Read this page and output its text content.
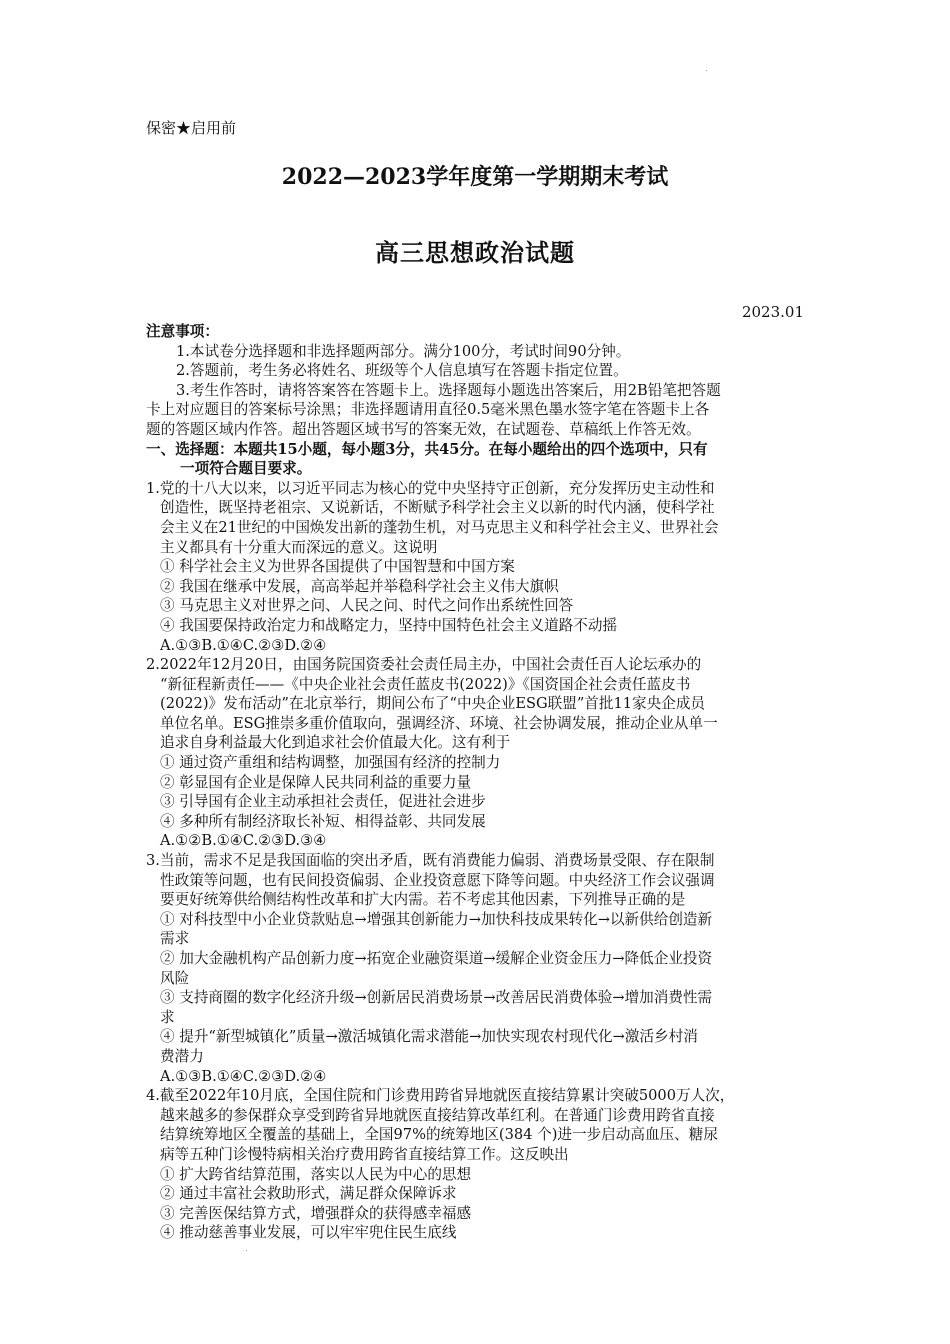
保密★启用前
2022—2023学年度第一学期期末考试
高三思想政治试题
2023.01
注意事项：
1.本试卷分选择题和非选择题两部分。满分100分，考试时间90分钟。
2.答题前，考生务必将姓名、班级等个人信息填写在答题卡指定位置。
3.考生作答时，请将答案答在答题卡上。选择题每小题选出答案后，用2B铅笔把答题
卡上对应题目的答案标号涂黑；非选择题请用直径0.5毫米黑色墨水签字笔在答题卡上各
题的答题区域内作答。超出答题区域书写的答案无效，在试题卷、草稿纸上作答无效。
一、选择题：本题共15小题，每小题3分，共45分。在每小题给出的四个选项中，只有
一项符合题目要求。
1.党的十八大以来，以习近平同志为核心的党中央坚持守正创新，充分发挥历史主动性和
创造性，既坚持老祖宗、又说新话，不断赋予科学社会主义以新的时代内涵，使科学社
会主义在21世纪的中国焕发出新的蓬勃生机，对马克思主义和科学社会主义、世界社会
主义都具有十分重大而深远的意义。这说明
① 科学社会主义为世界各国提供了中国智慧和中国方案
② 我国在继承中发展，高高举起并举稳科学社会主义伟大旗帜
③ 马克思主义对世界之问、人民之问、时代之问作出系统性回答
④ 我国要保持政治定力和战略定力，坚持中国特色社会主义道路不动摇
A.①③B.①④C.②③D.②④
2.2022年12月20日，由国务院国资委社会责任局主办，中国社会责任百人论坛承办的
“新征程新责任——《中央企业社会责任蓝皮书(2022)》《国资国企社会责任蓝皮书
(2022)》发布活动”在北京举行，期间公布了“中央企业ESG联盟”首批11家央企成员
单位名单。ESG推崇多重价值取向，强调经济、环境、社会协调发展，推动企业从单一
追求自身利益最大化到追求社会价值最大化。这有利于
① 通过资产重组和结构调整，加强国有经济的控制力
② 彰显国有企业是保障人民共同利益的重要力量
③ 引导国有企业主动承担社会责任，促进社会进步
④ 多种所有制经济取长补短、相得益彰、共同发展
A.①②B.①④C.②③D.③④
3.当前，需求不足是我国面临的突出矛盾，既有消费能力偏弱、消费场景受限、存在限制
性政策等问题，也有民间投资偏弱、企业投资意愿下降等问题。中央经济工作会议强调
要更好统筹供给侧结构性改革和扩大内需。若不考虑其他因素，下列推导正确的是
① 对科技型中小企业贷款贴息→增强其创新能力→加快科技成果转化→以新供给创造新
需求
② 加大金融机构产品创新力度→拓宽企业融资渠道→缓解企业资金压力→降低企业投资
风险
③ 支持商圈的数字化经济升级→创新居民消费场景→改善居民消费体验→增加消费性需
求
④ 提升“新型城镇化”质量→激活城镇化需求潜能→加快实现农村现代化→激活乡村消
费潜力
A.①③B.①④C.②③D.②④
4.截至2022年10月底，全国住院和门诊费用跨省异地就医直接结算累计突破5000万人次，
越来越多的参保群众享受到跨省异地就医直接结算改革红利。在普通门诊费用跨省直接
结算统筹地区全覆盖的基础上，全国97%的统筹地区(384 个)进一步启动高血压、糖尿
病等五种门诊慢特病相关治疗费用跨省直接结算工作。这反映出
① 扩大跨省结算范围，落实以人民为中心的思想
② 通过丰富社会救助形式，满足群众保障诉求
③ 完善医保结算方式，增强群众的获得感幸福感
④ 推动慈善事业发展，可以牢牢兜住民生底线
